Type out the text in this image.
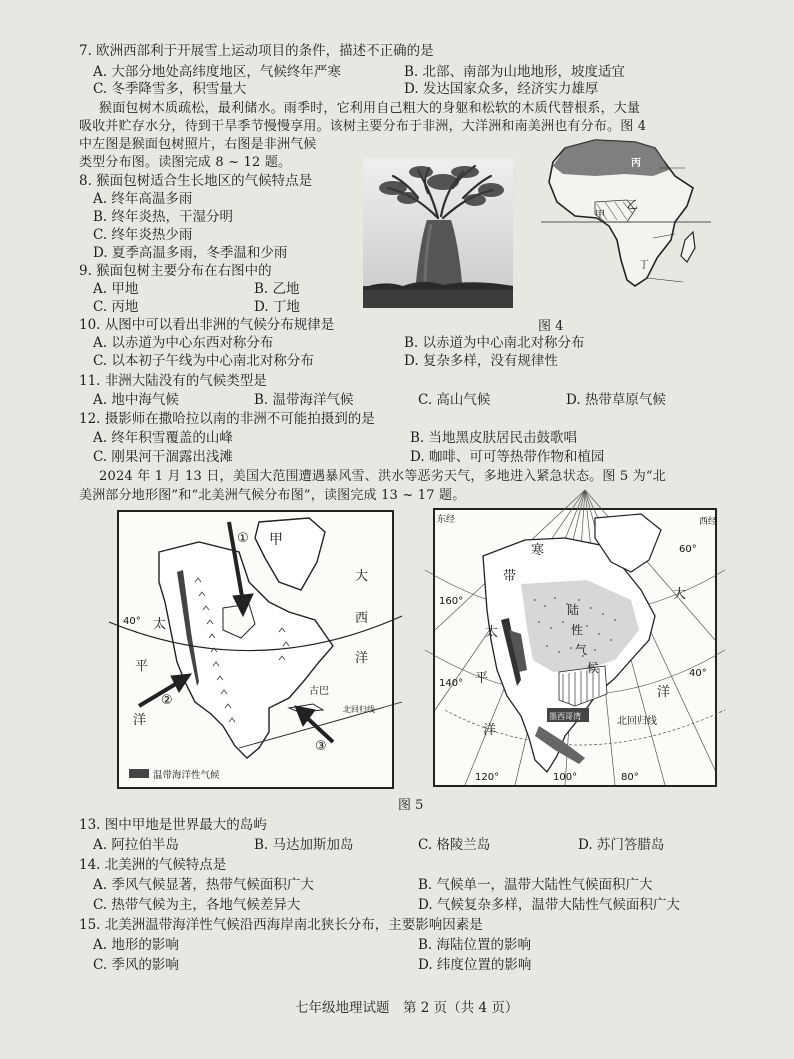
7. 欧洲西部利于开展雪上运动项目的条件，描述不正确的是
A. 大部分地处高纬度地区，气候终年严寒	B. 北部、南部为山地地形，坡度适宜
C. 冬季降雪多，积雪量大	D. 发达国家众多，经济实力雄厚
猴面包树木质疏松，最利储水。雨季时，它利用自己粗大的身躯和松软的木质代替根系，大量
吸收并贮存水分，待到干旱季节慢慢享用。该树主要分布于非洲，大洋洲和南美洲也有分布。图 4
中左图是猴面包树照片，右图是非洲气候
类型分布图。读图完成 8 ~ 12 题。
8. 猴面包树适合生长地区的气候特点是
A. 终年高温多雨
B. 终年炎热，干湿分明
C. 终年炎热少雨
D. 夏季高温多雨，冬季温和少雨
9. 猴面包树主要分布在右图中的
A. 甲地	B. 乙地
C. 丙地	D. 丁地
丙
乙
甲
丁
图 4
10. 从图中可以看出非洲的气候分布规律是
A. 以赤道为中心东西对称分布	B. 以赤道为中心南北对称分布
C. 以本初子午线为中心南北对称分布	D. 复杂多样，没有规律性
11. 非洲大陆没有的气候类型是
A. 地中海气候	B. 温带海洋气候	C. 高山气候	D. 热带草原气候
12. 摄影师在撒哈拉以南的非洲不可能拍摄到的是
A. 终年积雪覆盖的山峰	B. 当地黑皮肤居民击鼓歌唱
C. 刚果河干涸露出浅滩	D. 咖啡、可可等热带作物和植园
2024 年 1 月 13 日，美国大范围遭遇暴风雪、洪水等恶劣天气，多地进入紧急状态。图 5 为“北
美洲部分地形图”和“北美洲气候分布图”，读图完成 13 ~ 17 题。
温带海洋性气候
甲
①
②
③
太
平
洋
大
西
洋
40°
古巴
北回归线
墨西哥湾
东经	西经
160°
140°
120°	100°	80°
60°
40°
寒
带
大
陆
性
气
候
太
平
洋
洋
北回归线
图 5
13. 图中甲地是世界最大的岛屿
A. 阿拉伯半岛	B. 马达加斯加岛	C. 格陵兰岛	D. 苏门答腊岛
14. 北美洲的气候特点是
A. 季风气候显著，热带气候面积广大	B. 气候单一，温带大陆性气候面积广大
C. 热带气候为主，各地气候差异大	D. 气候复杂多样，温带大陆性气候面积广大
15. 北美洲温带海洋性气候沿西海岸南北狭长分布，主要影响因素是
A. 地形的影响	B. 海陆位置的影响
C. 季风的影响	D. 纬度位置的影响
七年级地理试题　第 2 页（共 4 页）
